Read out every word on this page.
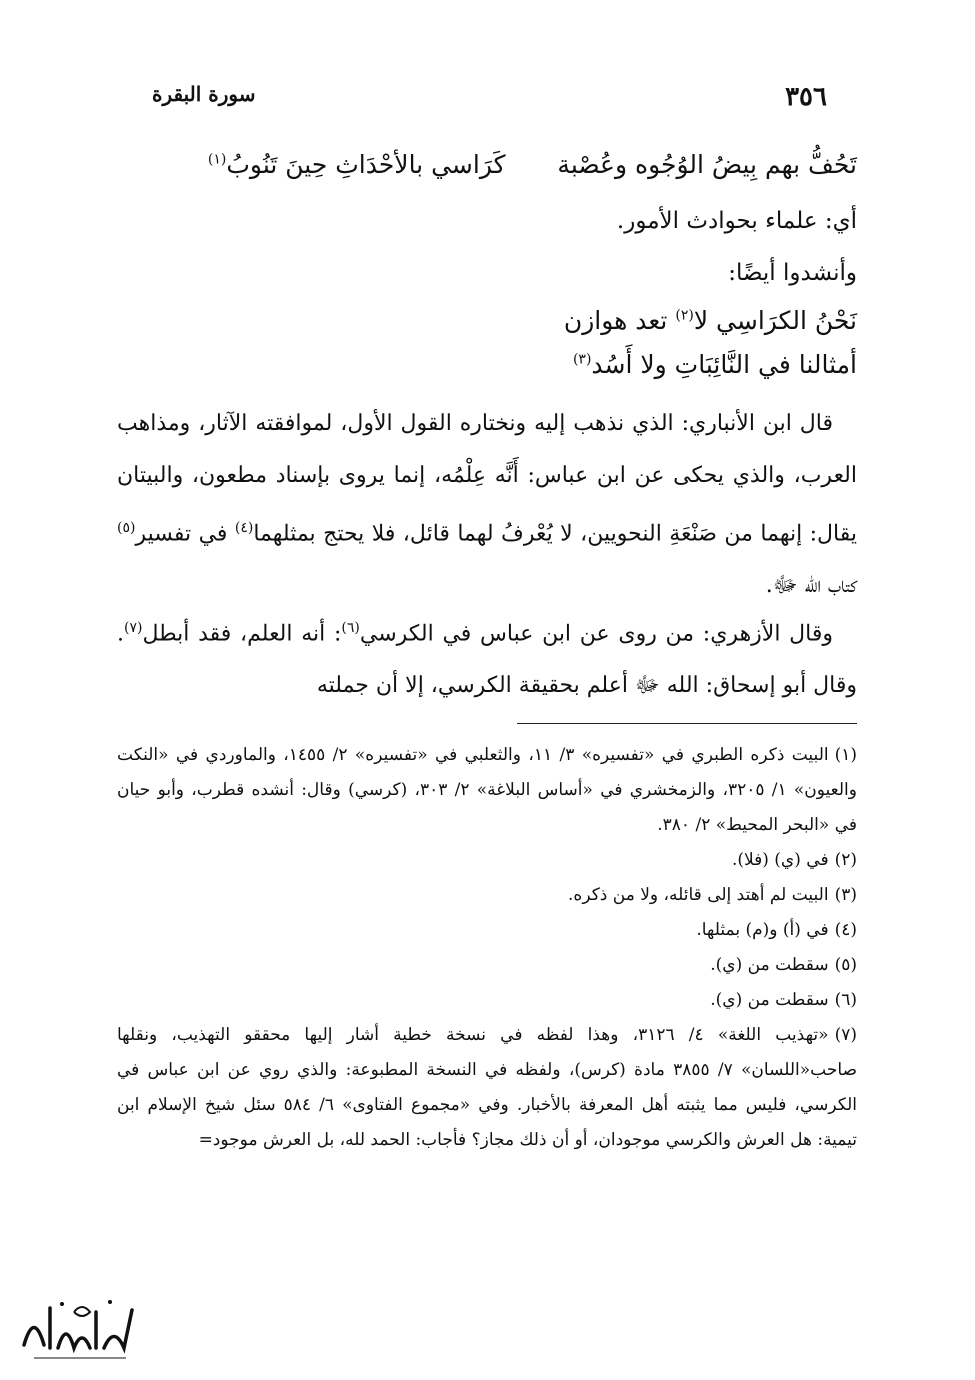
سورة البقرة	٣٥٦
تَحُفُّ بهم بِيضُ الوُجُوه وعُصْبة  كَرَاسي بالأحْدَاثِ حِينَ تَنُوبُ$^{(١)}$
أي: علماء بحوادث الأمور.
وأنشدوا أيضًا:
نَحْنُ الكرَاسِي لا$^{(٢)}$ تعد هوازن
أمثالنا في النَّائِبَاتِ ولا أَسُد$^{(٣)}$
قال ابن الأنباري: الذي نذهب إليه ونختاره القول الأول، لموافقته الآثار، ومذاهب العرب، والذي يحكى عن ابن عباس: أَنَّه عِلْمُه، إنما يروى بإسناد مطعون، والبيتان يقال: إنهما من صَنْعَةِ النحويين، لا يُعْرفُ لهما قائل، فلا يحتج بمثلهما$^{(٤)}$ في تفسير$^{(٥)}$ كتاب الله ﷻ.
وقال الأزهري: من روى عن ابن عباس في الكرسي$^{(٦)}$: أنه العلم، فقد أبطل$^{(٧)}$. وقال أبو إسحاق: الله ﷻ أعلم بحقيقة الكرسي، إلا أن جملته
(١)البيت ذكره الطبري في «تفسيره» ٣/ ١١، والثعلبي في «تفسيره» ٢/ ١٤٥٥، والماوردي في «النكت والعيون» ١/ ٣٢٠٥، والزمخشري في «أساس البلاغة» ٢/ ٣٠٣، (كرسي) وقال: أنشده قطرب، وأبو حيان في «البحر المحيط» ٢/ ٣٨٠.
(٢)في (ي) (فلا).
(٣)البيت لم أهتد إلى قائله، ولا من ذكره.
(٤)في (أ) و(م) بمثلها.
(٥)سقطت من (ي).
(٦)سقطت من (ي).
(٧)«تهذيب اللغة» ٤/ ٣١٢٦، وهذا لفظه في نسخة خطية أشار إليها محققو التهذيب، ونقلها صاحب«اللسان» ٧/ ٣٨٥٥ مادة (كرس)، ولفظه في النسخة المطبوعة: والذي روي عن ابن عباس في الكرسي، فليس مما يثبته أهل المعرفة بالأخبار. وفي «مجموع الفتاوى» ٦/ ٥٨٤ سئل شيخ الإسلام ابن تيمية: هل العرش والكرسي موجودان، أو أن ذلك مجاز؟ فأجاب: الحمد لله، بل العرش موجود=
